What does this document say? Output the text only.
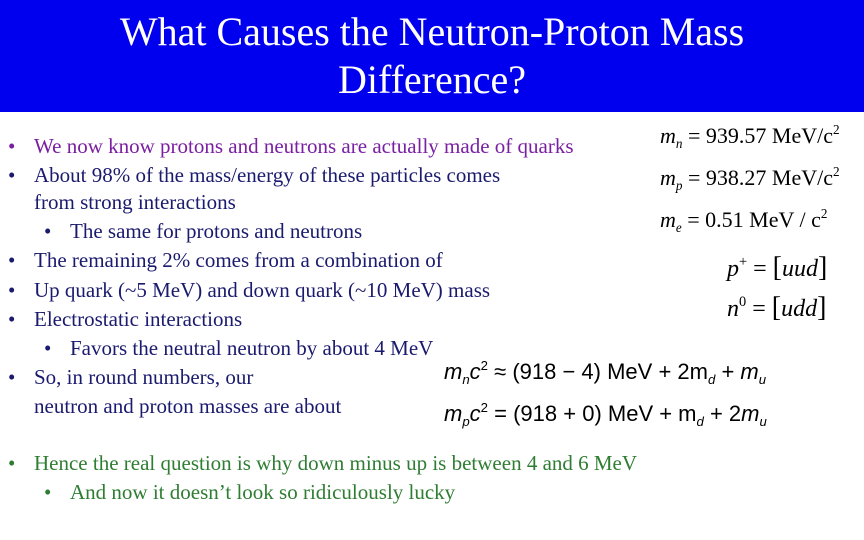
What Causes the Neutron-Proton Mass
Difference?
• We now know protons and neutrons are actually made of quarks
• About 98% of the mass/energy of these particles comes
from strong interactions
• The same for protons and neutrons
• The remaining 2% comes from a combination of
• Up quark (~5 MeV) and down quark (~10 MeV) mass
• Electrostatic interactions
• Favors the neutral neutron by about 4 MeV
• So, in round numbers, our
neutron and proton masses are about
• Hence the real question is why down minus up is between 4 and 6 MeV
• And now it doesn’t look so ridiculously lucky
$m_n = 939.57$ MeV/$c^2$
$m_p = 938.27$ MeV/$c^2$
$m_e = 0.51$ MeV / $c^2$
p+ = [uud]
$n^0 = [udd]$
$m_nc^2 \approx (918 - 4)$ MeV + $2m_d + m_u$
$m_pc^2 = (918 + 0)$ MeV + $m_d + 2m_u$
